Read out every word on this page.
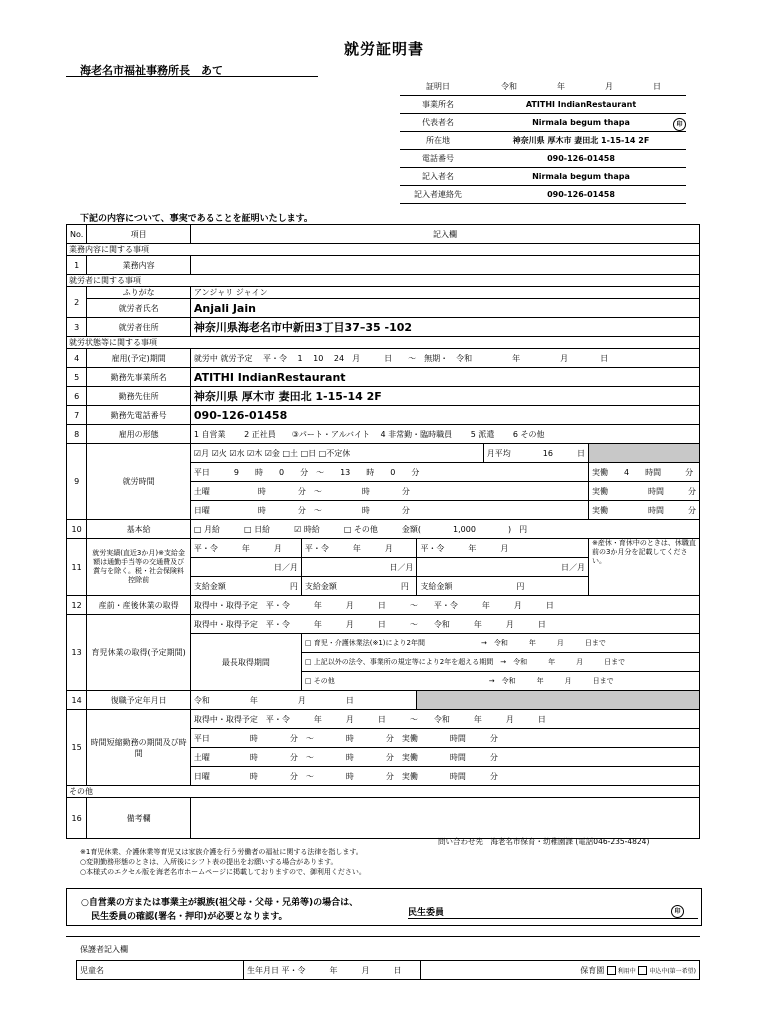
就労証明書
海老名市福祉事務所長　あて
証明日	令和　　　　　年　　　　　月　　　　　日
事業所名	ATITHI IndianRestaurant
代表者名	Nirmala begum thapa 印

所在地	神奈川県 厚木市 妻田北 1-15-14 2F
電話番号	090-126-01458
記入者名	Nirmala begum thapa
記入者連絡先	090-126-01458
下記の内容について、事実であることを証明いたします。
No.	項目	記入欄				
業務内容に関する事項						
1	業務内容					
就労者に関する事項						
2	ふりがな	アンジャリ ジャイン				
	就労者氏名	Anjali Jain				
3	就労者住所	神奈川県海老名市中新田3丁目37–35 -102				
就労状態等に関する事項						
4	雇用(予定)期間	就労中 就労予定　 平・令　 1　 10　 24　月　　　日　　～　無期・　令和　　　　　年　　　　　月　　　　日				
5	勤務先事業所名	ATITHI IndianRestaurant				
6	勤務先住所	神奈川県 厚木市 妻田北 1-15-14 2F				
7	勤務先電話番号	090-126-01458				
8	雇用の形態	1 自営業　　 2 正社員　　③パート・アルバイト　 4 非常勤・臨時職員　　 5 派遣　　 6 その他				
9	就労時間	☑月 ☑火 ☑水 ☑木 ☑金 □土 □日 □不定休			月平均　　　　 16　　　 日	
		平日　　　9　　時　　0　　分　～　　13　　時　　0　　分				実働　　4　　時間　　　分
		土曜　　　　　　時　　　　分　～　　　　　時　　　　分				実働　　　　　時間　　　分
		日曜　　　　　　時　　　　分　～　　　　　時　　　　分				実働　　　　　時間　　　分
10	基本給	□ 月給　　　□ 日給　　　☑ 時給　　　□ その他　　　金額(　　　　1,000　　　　)　円				
11	就労実績(直近3か月)※支給金額は通勤手当等の交通費及び賞与を除く。税・社会保険料控除前	平・令　　　年　　　月	平・令　　　年　　　月	平・令　　　年　　　月		※産休・育休中のときは、休職直前の3か月分を記載してください。
		日／月	日／月	日／月		
		支給金額　　　　　　　　円	支給金額　　　　　　　　円	支給金額　　　　　　　　円		
12	産前・産後休業の取得	取得中・取得予定　平・令　　　年　　　月　　　日　　　～　　平・令　　　年　　　月　　　日				
13	育児休業の取得(予定期間)	取得中・取得予定　平・令　　　年　　　月　　　日　　　～　　令和　　　年　　　月　　　日				
		最長取得期間	□ 育児・介護休業法(※1)により2年間　　　　　　　　→　令和　　　年　　　月　　　日まで			
			□ 上記以外の法令、事業所の規定等により2年を超える期間　→　令和　　　年　　　月　　　日まで			
			□ その他　　　　　　　　　　　　　　　　　　　　　　→　令和　　　年　　　月　　　日まで			
14	復職予定年月日	令和　　　　　年　　　　　月　　　　　日				
15	時間短縮勤務の期間及び時間	取得中・取得予定　平・令　　　年　　　月　　　日　　　～　　令和　　　年　　　月　　　日				
		平日　　　　　時　　　　分　～　　　　時　　　　分　実働　　　　時間　　　分				
		土曜　　　　　時　　　　分　～　　　　時　　　　分　実働　　　　時間　　　分				
		日曜　　　　　時　　　　分　～　　　　時　　　　分　実働　　　　時間　　　分				
その他						
16	備考欄					
問い合わせ先　海老名市保育・幼稚園課 (電話046-235-4824)
※1育児休業、介護休業等育児又は家族介護を行う労働者の福祉に関する法律を指します。
○変則勤務形態のときは、入所後にシフト表の提出をお願いする場合があります。
○本様式のエクセル版を海老名市ホームページに掲載しておりますので、御利用ください。
○自営業の方または事業主が親族(祖父母・父母・兄弟等)の場合は、
民生委員の確認(署名・押印)が必要となります。	民生委員	印
保護者記入欄
児童名	生年月日 平・令　　　年　　　月　　　日	保育園 利用中 申込中(第一希望)
